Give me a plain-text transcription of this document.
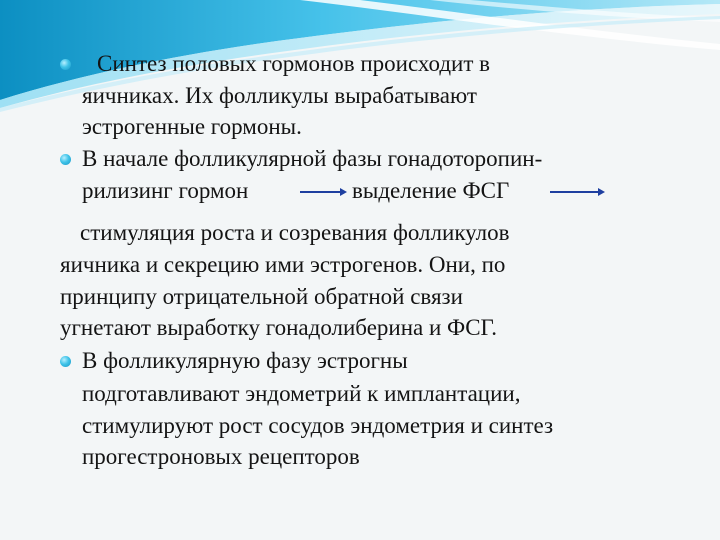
Синтез половых гормонов происходит в
яичниках. Их фолликулы вырабатывают
эстрогенные гормоны.
В начале фолликулярной фазы гонадоторопин-
рилизинг гормон	выделение ФСГ
стимуляция роста и созревания фолликулов
яичника и секрецию ими эстрогенов. Они, по
принципу отрицательной обратной связи
угнетают выработку гонадолиберина и ФСГ.
В фолликулярную фазу эстрогны
подготавливают эндометрий к имплантации,
стимулируют рост сосудов эндометрия и синтез
прогестроновых рецепторов
